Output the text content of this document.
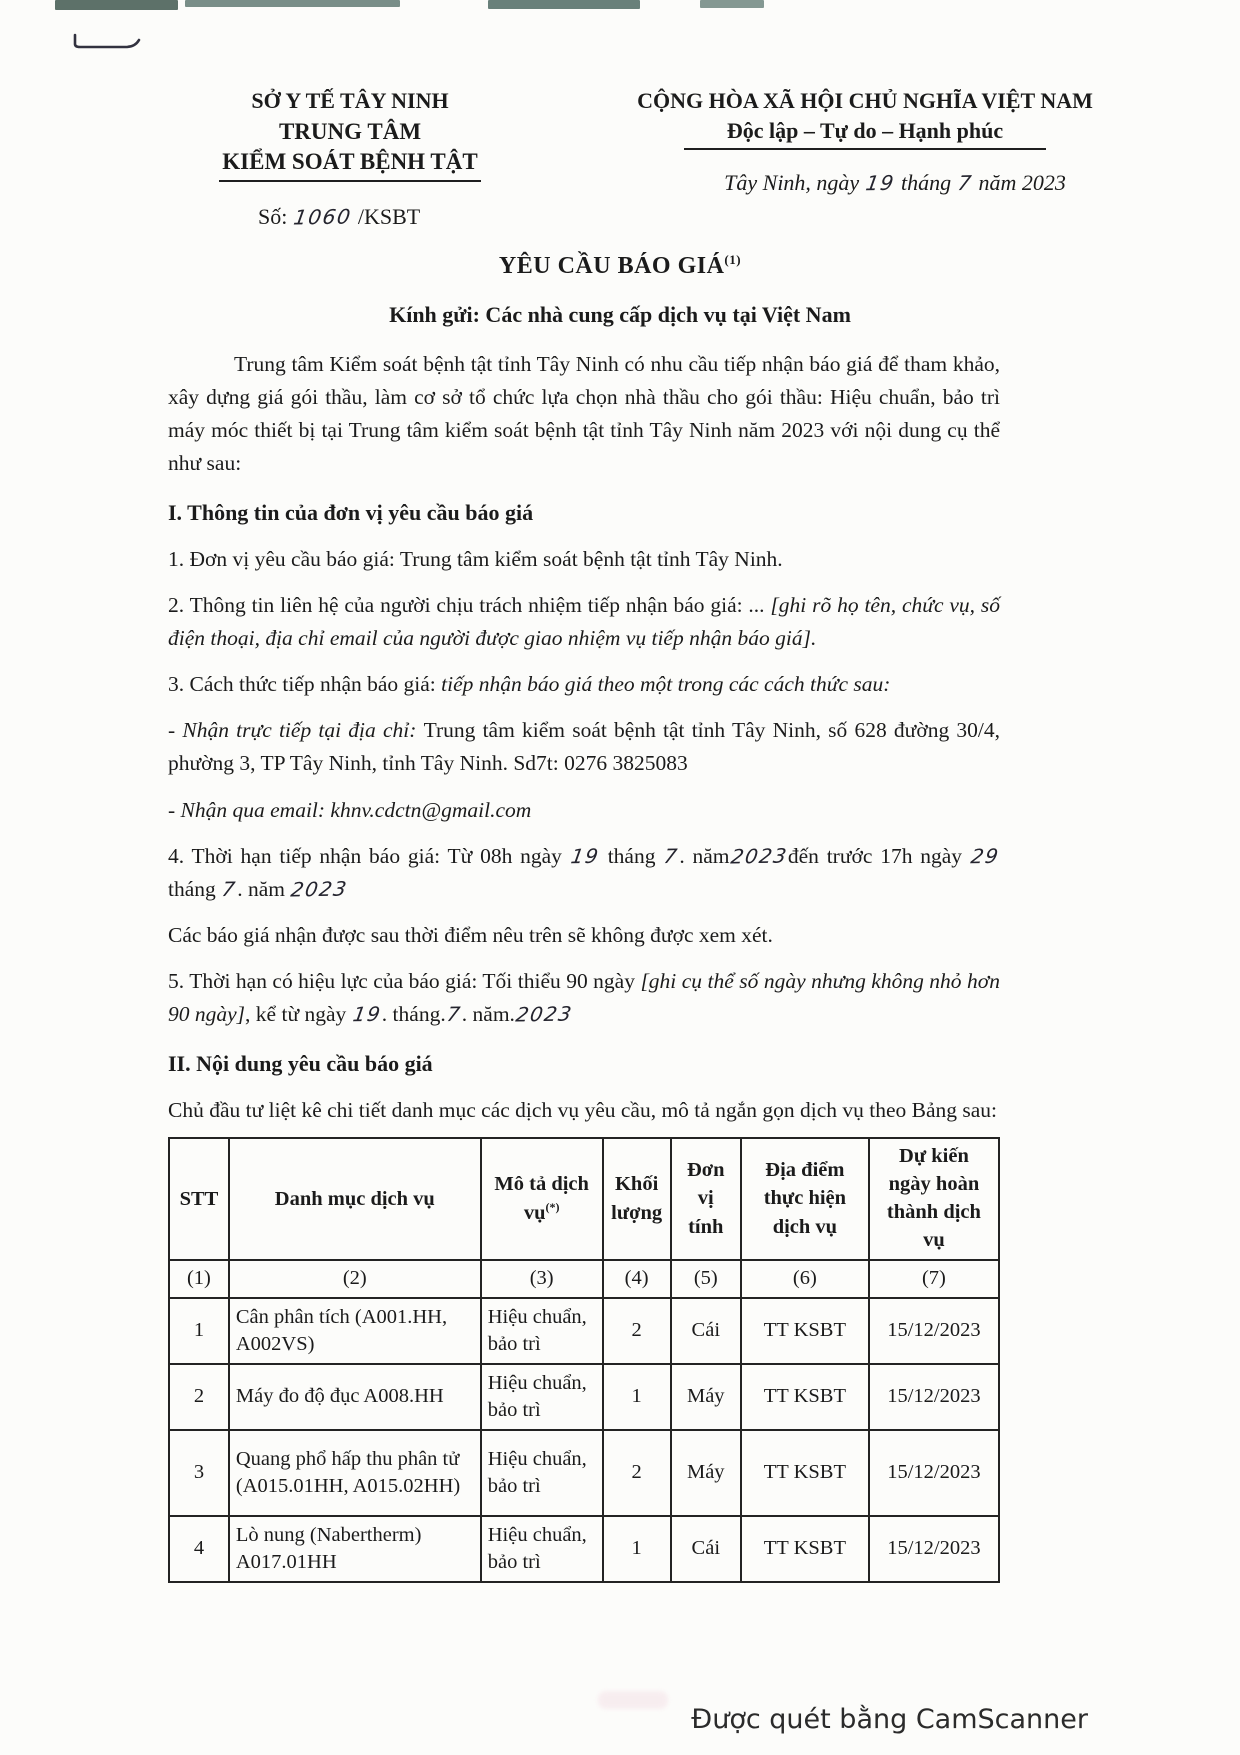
SỞ Y TẾ TÂY NINH
TRUNG TÂM
KIỂM SOÁT BỆNH TẬT
Số: 1060 /KSBT
CỘNG HÒA XÃ HỘI CHỦ NGHĨA VIỆT NAM
Độc lập – Tự do – Hạnh phúc
Tây Ninh, ngày 19 tháng 7 năm 2023
YÊU CẦU BÁO GIÁ$^{(1)}$
Kính gửi: Các nhà cung cấp dịch vụ tại Việt Nam
Trung tâm Kiểm soát bệnh tật tỉnh Tây Ninh có nhu cầu tiếp nhận báo giá để tham khảo, xây dựng giá gói thầu, làm cơ sở tổ chức lựa chọn nhà thầu cho gói thầu: Hiệu chuẩn, bảo trì máy móc thiết bị tại Trung tâm kiểm soát bệnh tật tỉnh Tây Ninh năm 2023 với nội dung cụ thể như sau:
I. Thông tin của đơn vị yêu cầu báo giá
1. Đơn vị yêu cầu báo giá: Trung tâm kiểm soát bệnh tật tỉnh Tây Ninh.
2. Thông tin liên hệ của người chịu trách nhiệm tiếp nhận báo giá: ... [ghi rõ họ tên, chức vụ, số điện thoại, địa chỉ email của người được giao nhiệm vụ tiếp nhận báo giá].
3. Cách thức tiếp nhận báo giá: tiếp nhận báo giá theo một trong các cách thức sau:
- Nhận trực tiếp tại địa chỉ: Trung tâm kiểm soát bệnh tật tỉnh Tây Ninh, số 628 đường 30/4, phường 3, TP Tây Ninh, tỉnh Tây Ninh. Sd7t: 0276 3825083
- Nhận qua email: khnv.cdctn@gmail.com
4. Thời hạn tiếp nhận báo giá: Từ 08h ngày 19 tháng 7. năm2023đến trước 17h ngày 29 tháng 7. năm 2023
Các báo giá nhận được sau thời điểm nêu trên sẽ không được xem xét.
5. Thời hạn có hiệu lực của báo giá: Tối thiểu 90 ngày [ghi cụ thể số ngày nhưng không nhỏ hơn 90 ngày], kể từ ngày 19. tháng.7. năm.2023
II. Nội dung yêu cầu báo giá
Chủ đầu tư liệt kê chi tiết danh mục các dịch vụ yêu cầu, mô tả ngắn gọn dịch vụ theo Bảng sau:
STT	Danh mục dịch vụ	Mô tả dịch vụ(*)	Khối lượng	Đơn vị tính	Địa điểm thực hiện dịch vụ	Dự kiến ngày hoàn thành dịch vụ
(1)	(2)	(3)	(4)	(5)	(6)	(7)
1	Cân phân tích (A001.HH, A002VS)	Hiệu chuẩn, bảo trì	2	Cái	TT KSBT	15/12/2023
2	Máy đo độ đục A008.HH	Hiệu chuẩn, bảo trì	1	Máy	TT KSBT	15/12/2023
3	Quang phổ hấp thu phân tử (A015.01HH, A015.02HH)	Hiệu chuẩn, bảo trì	2	Máy	TT KSBT	15/12/2023
4	Lò nung (Nabertherm) A017.01HH	Hiệu chuẩn, bảo trì	1	Cái	TT KSBT	15/12/2023
Được quét bằng CamScanner
